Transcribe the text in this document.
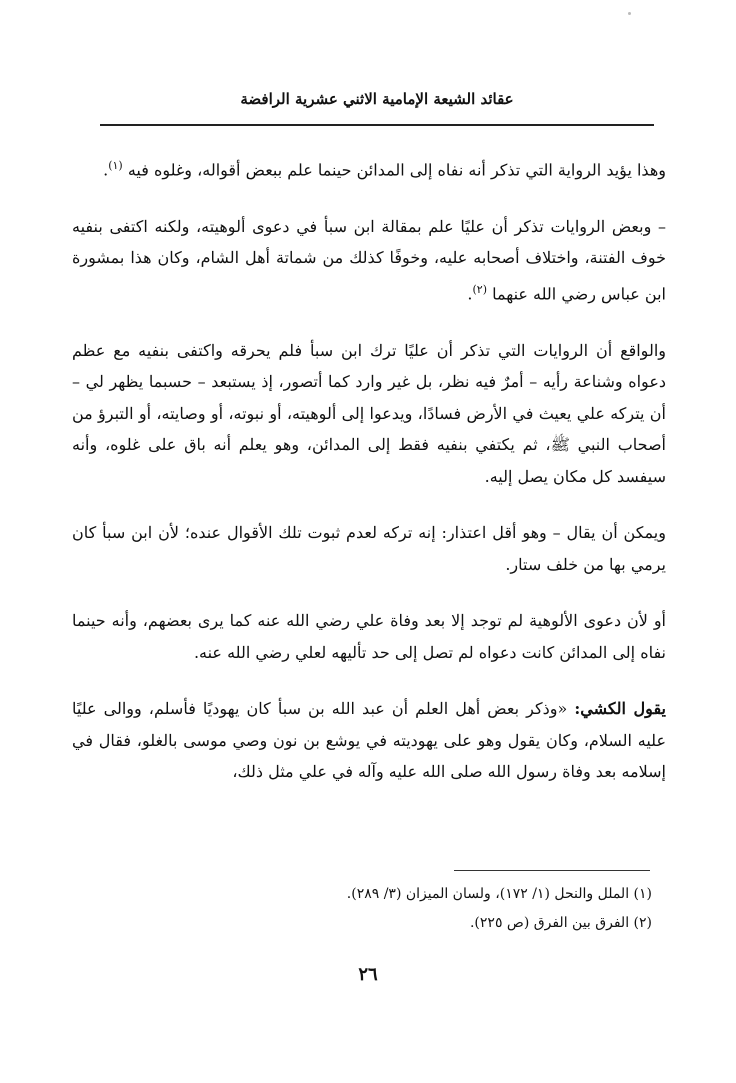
عقائد الشيعة الإمامية الاثني عشرية الرافضة

وهذا يؤيد الرواية التي تذكر أنه نفاه إلى المدائن حينما علم ببعض أقواله، وغلوه فيه $^{(١)}$.

– وبعض الروايات تذكر أن عليًا علم بمقالة ابن سبأ في دعوى ألوهيته، ولكنه اكتفى بنفيه خوف الفتنة، واختلاف أصحابه عليه، وخوفًا كذلك من شماتة أهل الشام، وكان هذا بمشورة ابن عباس رضي الله عنهما $^{(٢)}$.

والواقع أن الروايات التي تذكر أن عليًا ترك ابن سبأ فلم يحرقه واكتفى بنفيه مع عظم دعواه وشناعة رأيه – أمرٌ فيه نظر، بل غير وارد كما أتصور، إذ يستبعد – حسبما يظهر لي – أن يتركه علي يعيث في الأرض فسادًا، ويدعوا إلى ألوهيته، أو نبوته، أو وصايته، أو التبرؤ من أصحاب النبي ﷺ، ثم يكتفي بنفيه فقط إلى المدائن، وهو يعلم أنه باق على غلوه، وأنه سيفسد كل مكان يصل إليه.

ويمكن أن يقال – وهو أقل اعتذار: إنه تركه لعدم ثبوت تلك الأقوال عنده؛ لأن ابن سبأ كان يرمي بها من خلف ستار.

أو لأن دعوى الألوهية لم توجد إلا بعد وفاة علي رضي الله عنه كما يرى بعضهم، وأنه حينما نفاه إلى المدائن كانت دعواه لم تصل إلى حد تأليهه لعلي رضي الله عنه.

يقول الكشي: «وذكر بعض أهل العلم أن عبد الله بن سبأ كان يهوديًا فأسلم، ووالى عليًا عليه السلام، وكان يقول وهو على يهوديته في يوشع بن نون وصي موسى بالغلو، فقال في إسلامه بعد وفاة رسول الله صلى الله عليه وآله في علي مثل ذلك،

(١) الملل والنحل (١/ ١٧٢)، ولسان الميزان (٣/ ٢٨٩).

(٢) الفرق بين الفرق (ص ٢٢٥).

٢٦
